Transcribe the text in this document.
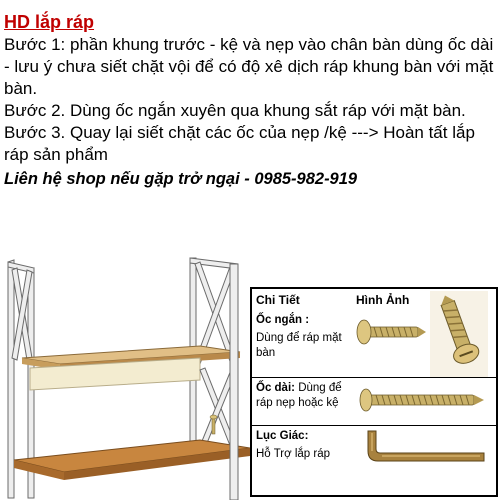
HD lắp ráp
Bước 1: phần khung trước - kệ và nẹp vào chân bàn dùng ốc dài - lưu ý chưa siết chặt vội để có độ xê dịch ráp khung bàn với mặt bàn.
Bước 2. Dùng ốc ngắn xuyên qua khung sắt ráp với mặt bàn.
Bước 3. Quay lại siết chặt các ốc của nẹp /kệ ---> Hoàn tất lắp ráp sản phẩm
Liên hệ shop nếu gặp trở ngại - 0985-982-919
Chi Tiết	Hình Ảnh
Ốc ngắn :
Dùng để ráp mặt bàn
Ốc dài: Dùng để ráp nẹp hoặc kệ
Lục Giác:
Hỗ Trợ lắp ráp
